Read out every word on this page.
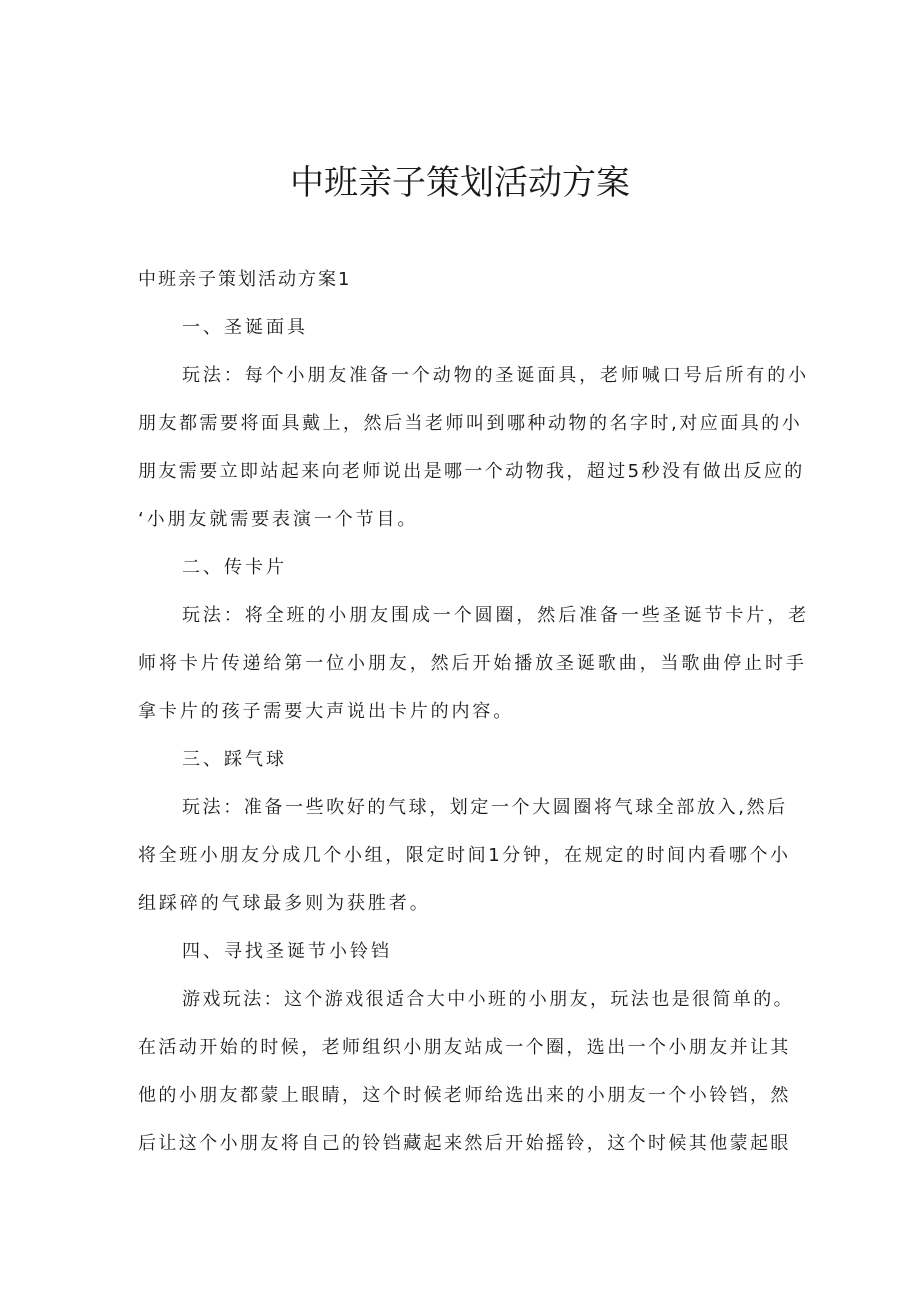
中班亲子策划活动方案

中班亲子策划活动方案1

一、圣诞面具

玩法：每个小朋友准备一个动物的圣诞面具，老师喊口号后所有的小

朋友都需要将面具戴上，然后当老师叫到哪种动物的名字时,对应面具的小

朋友需要立即站起来向老师说出是哪一个动物我，超过5秒没有做出反应的

‘小朋友就需要表演一个节目。

二、传卡片

玩法：将全班的小朋友围成一个圆圈，然后准备一些圣诞节卡片，老

师将卡片传递给第一位小朋友，然后开始播放圣诞歌曲，当歌曲停止时手

拿卡片的孩子需要大声说出卡片的内容。

三、踩气球

玩法：准备一些吹好的气球，划定一个大圆圈将气球全部放入,然后

将全班小朋友分成几个小组，限定时间1分钟，在规定的时间内看哪个小

组踩碎的气球最多则为获胜者。

四、寻找圣诞节小铃铛

游戏玩法：这个游戏很适合大中小班的小朋友，玩法也是很简单的。

在活动开始的时候，老师组织小朋友站成一个圈，选出一个小朋友并让其

他的小朋友都蒙上眼睛，这个时候老师给选出来的小朋友一个小铃铛，然

后让这个小朋友将自己的铃铛藏起来然后开始摇铃，这个时候其他蒙起眼
